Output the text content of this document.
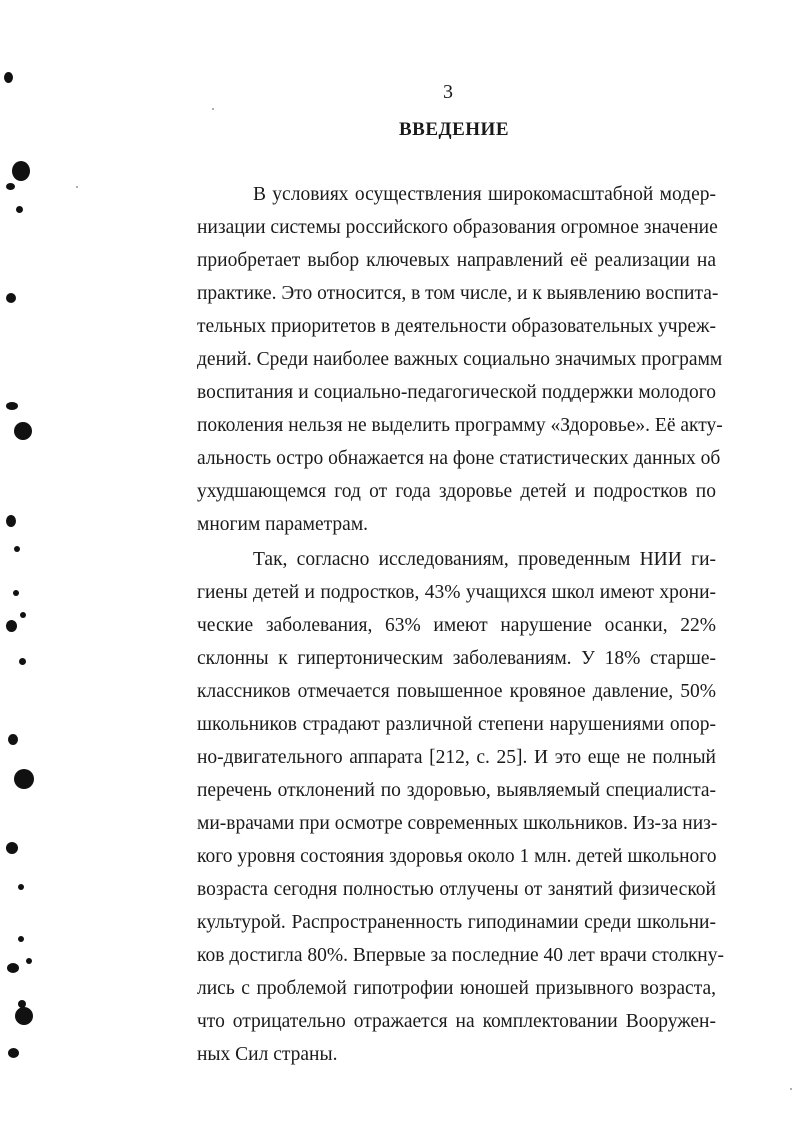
3
ВВЕДЕНИЕ
В условиях осуществления широкомасштабной модер-
низации системы российского образования огромное значение
приобретает выбор ключевых направлений её реализации на
практике. Это относится, в том числе, и к выявлению воспита-
тельных приоритетов в деятельности образовательных учреж-
дений. Среди наиболее важных социально значимых программ
воспитания и социально-педагогической поддержки молодого
поколения нельзя не выделить программу «Здоровье». Её акту-
альность остро обнажается на фоне статистических данных об
ухудшающемся год от года здоровье детей и подростков по
многим параметрам.
Так, согласно исследованиям, проведенным НИИ ги-
гиены детей и подростков, 43% учащихся школ имеют хрони-
ческие заболевания, 63% имеют нарушение осанки, 22%
склонны к гипертоническим заболеваниям. У 18% старше-
классников отмечается повышенное кровяное давление, 50%
школьников страдают различной степени нарушениями опор-
но-двигательного аппарата [212, с. 25]. И это еще не полный
перечень отклонений по здоровью, выявляемый специалиста-
ми-врачами при осмотре современных школьников. Из-за низ-
кого уровня состояния здоровья около 1 млн. детей школьного
возраста сегодня полностью отлучены от занятий физической
культурой. Распространенность гиподинамии среди школьни-
ков достигла 80%. Впервые за последние 40 лет врачи столкну-
лись с проблемой гипотрофии юношей призывного возраста,
что отрицательно отражается на комплектовании Вооружен-
ных Сил страны.
